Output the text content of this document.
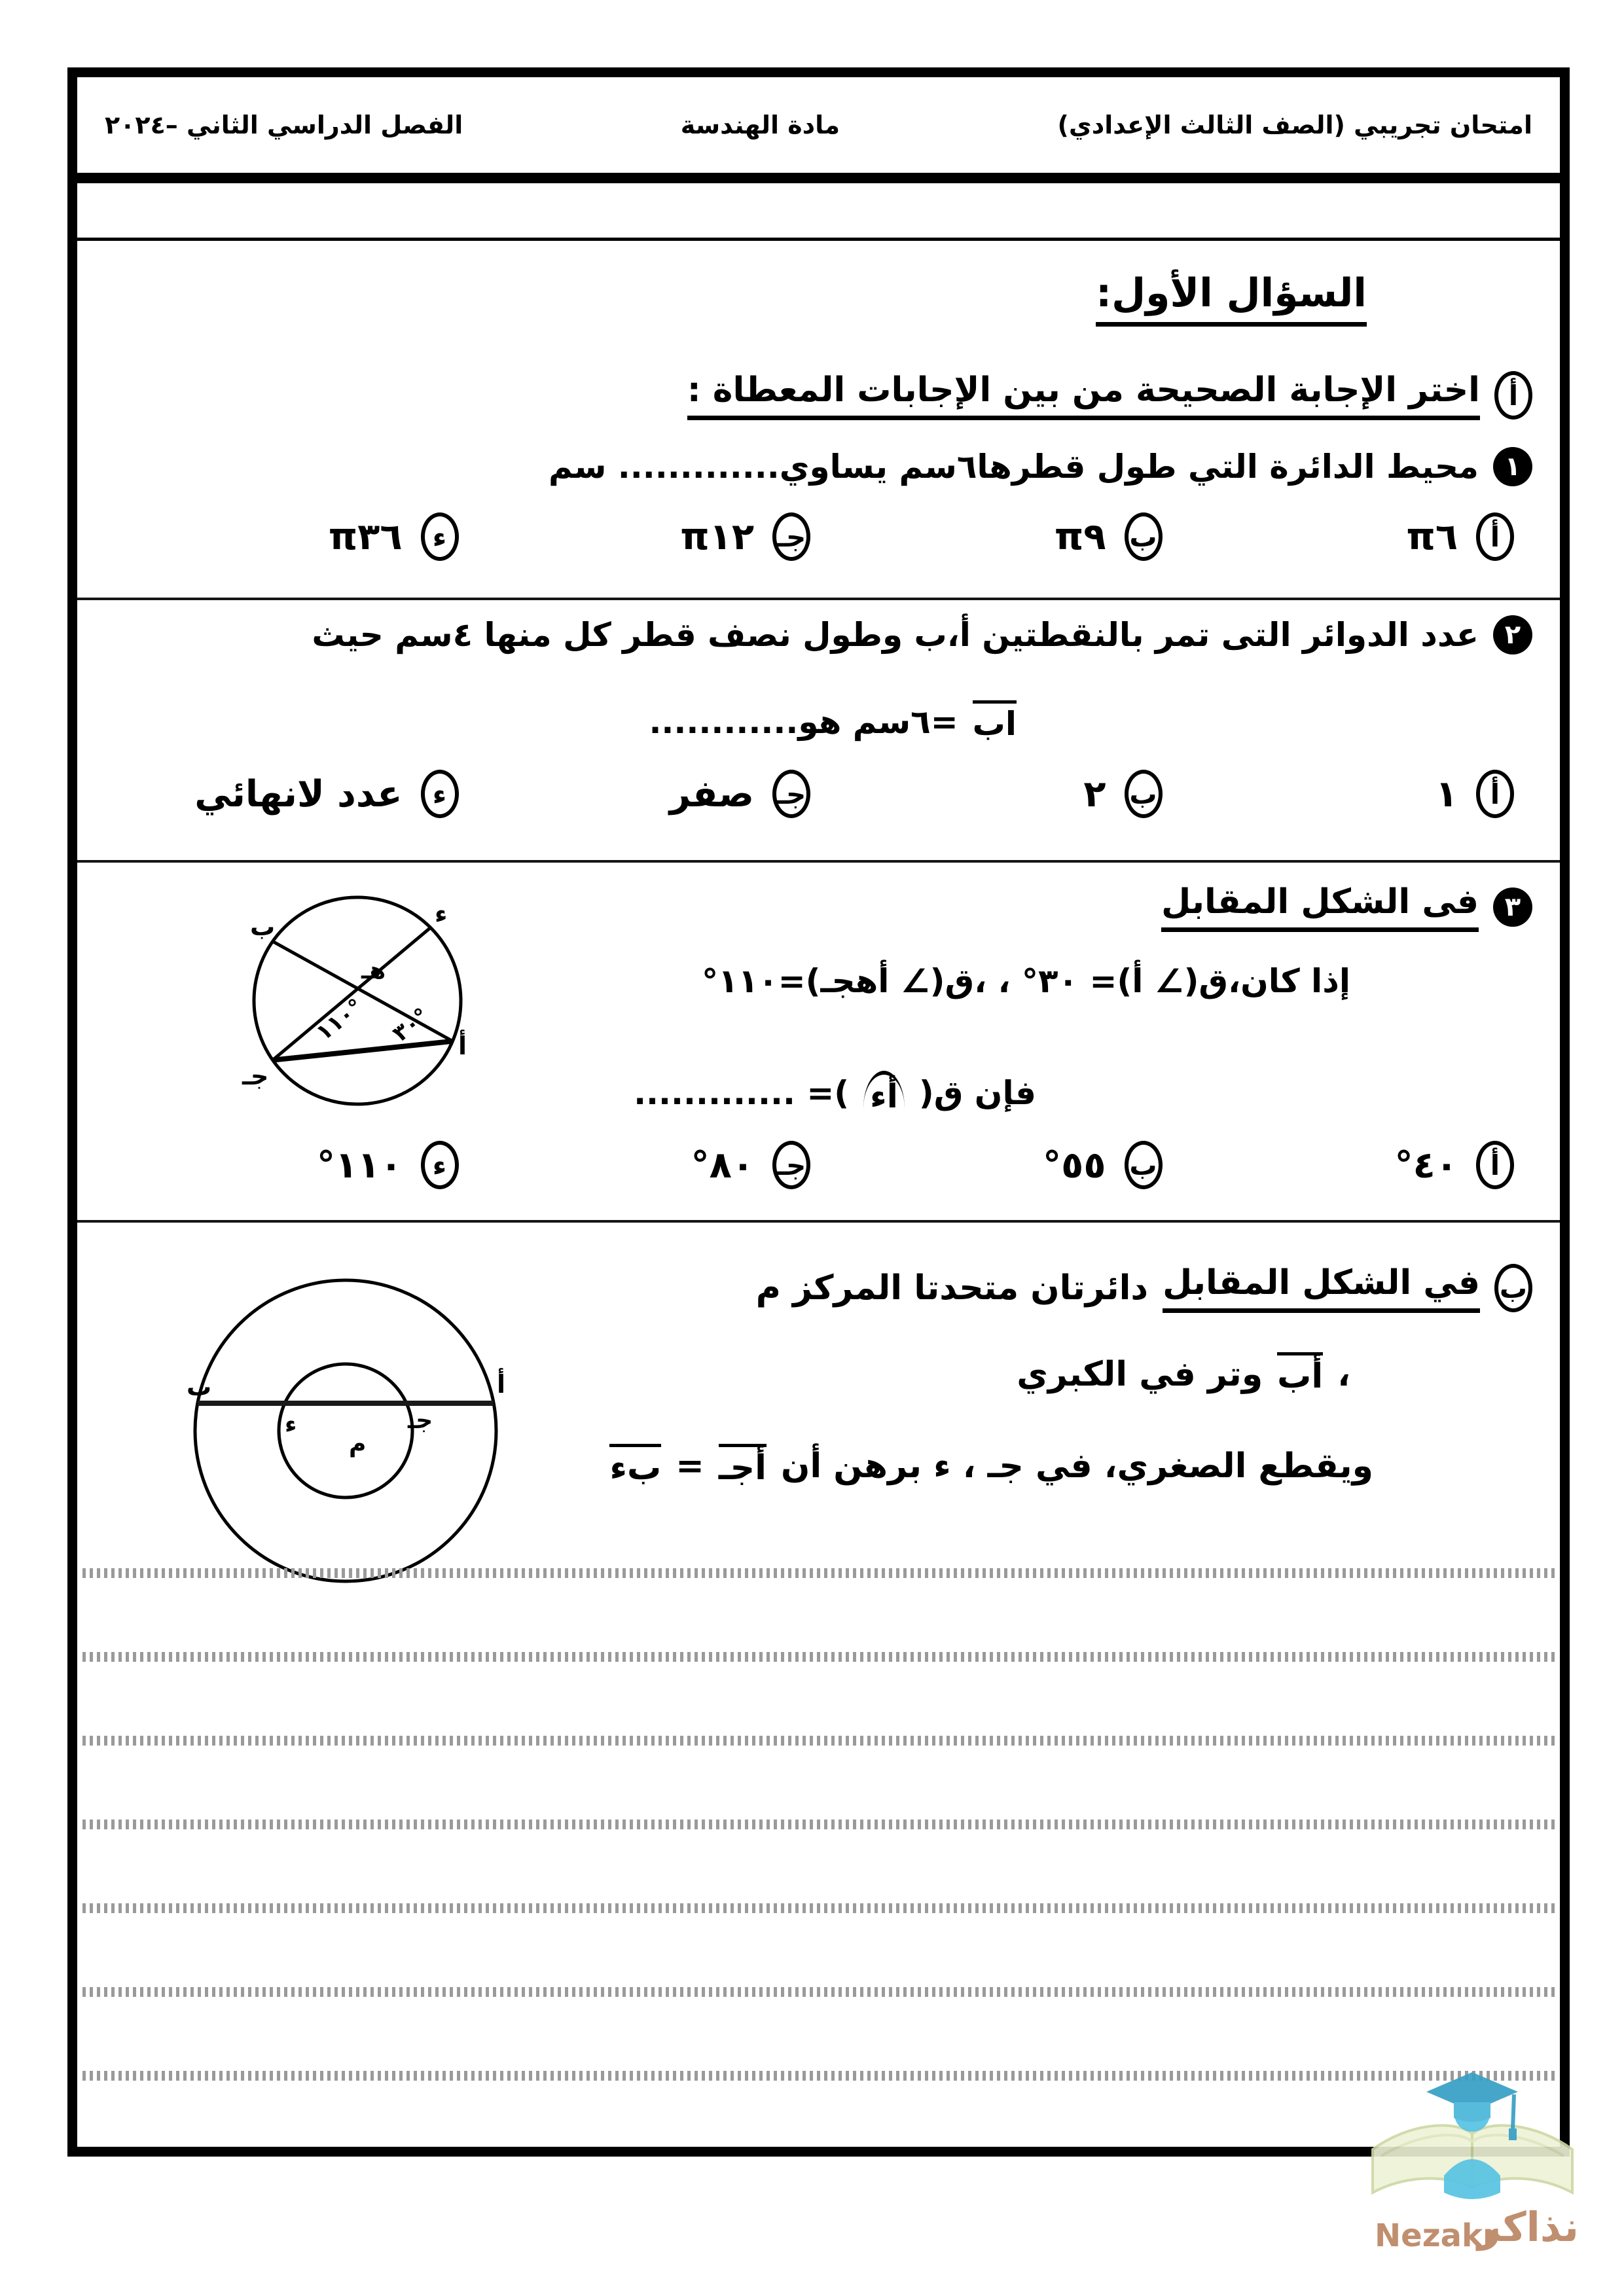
امتحان تجريبي (الصف الثالث الإعدادي)
مادة الهندسة
الفصل الدراسي الثاني –٢٠٢٤
السؤال الأول:
أ
اختر الإجابة الصحيحة من بين الإجابات المعطاة :
١
محيط الدائرة التي طول قطرها٦سم يساوي............. سم
أ
π٦
ب
π٩
جـ
π١٢
ء
π٣٦
٢
عدد الدوائر التى تمر بالنقطتين أ،ب وطول نصف قطر كل منها ٤سم حيث
اب
=٦سم هو............
أ
١
ب
٢
جـ
صفر
ء
عدد لانهائي
٣
فى الشكل المقابل
إذا كان،ق(∠ أ)= ٣٠° ، ،ق(∠ أهجـ)=١١٠°
فإن ق(
أء
)= .............
ب	ء
جـ
أ
هـ
١١٠°
٣٠°
أ
٤٠°
ب
٥٥°
جـ
٨٠°
ء
١١٠°
ب
في الشكل المقابل
دائرتان متحدتا المركز م
،
أب
وتر في الكبري
ويقطع الصغري، في جـ ، ء برهن أن
أجـ
=
بء
ب	أ
ء	جـ
م
نذاكر
Nezakr
